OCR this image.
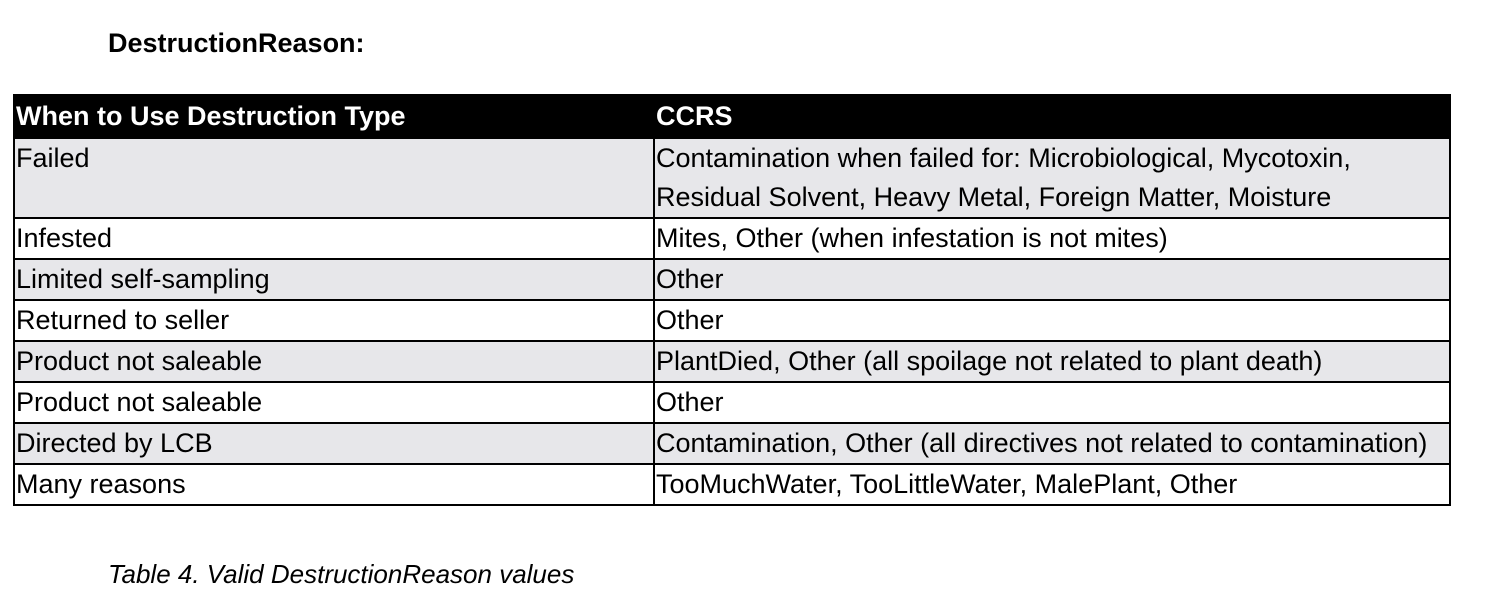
DestructionReason:
When to Use Destruction Type	CCRS
Failed	Contamination when failed for: Microbiological, Mycotoxin, Residual Solvent, Heavy Metal, Foreign Matter, Moisture
Infested	Mites, Other (when infestation is not mites)
Limited self-sampling	Other
Returned to seller	Other
Product not saleable	PlantDied, Other (all spoilage not related to plant death)
Product not saleable	Other
Directed by LCB	Contamination, Other (all directives not related to contamination)
Many reasons	TooMuchWater, TooLittleWater, MalePlant, Other
Table 4. Valid DestructionReason values
